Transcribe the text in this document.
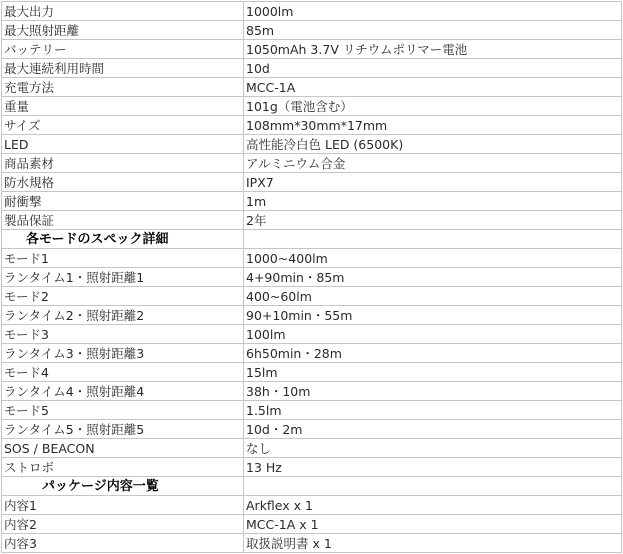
最大出力	1000lm
最大照射距離	85m
バッテリー	1050mAh 3.7V リチウムポリマー電池
最大連続利用時間	10d
充電方法	MCC-1A
重量	101g（電池含む）
サイズ	108mm*30mm*17mm
LED	高性能冷白色 LED (6500K)
商品素材	アルミニウム合金
防水規格	IPX7
耐衝撃	1m
製品保証	2年
各モードのスペック詳細	
モード1	1000~400lm
ランタイム1・照射距離1	4+90min・85m
モード2	400~60lm
ランタイム2・照射距離2	90+10min・55m
モード3	100lm
ランタイム3・照射距離3	6h50min・28m
モード4	15lm
ランタイム4・照射距離4	38h・10m
モード5	1.5lm
ランタイム5・照射距離5	10d・2m
SOS / BEACON	なし
ストロボ	13 Hz
パッケージ内容一覧	
内容1	Arkflex x 1
内容2	MCC-1A x 1
内容3	取扱説明書 x 1
